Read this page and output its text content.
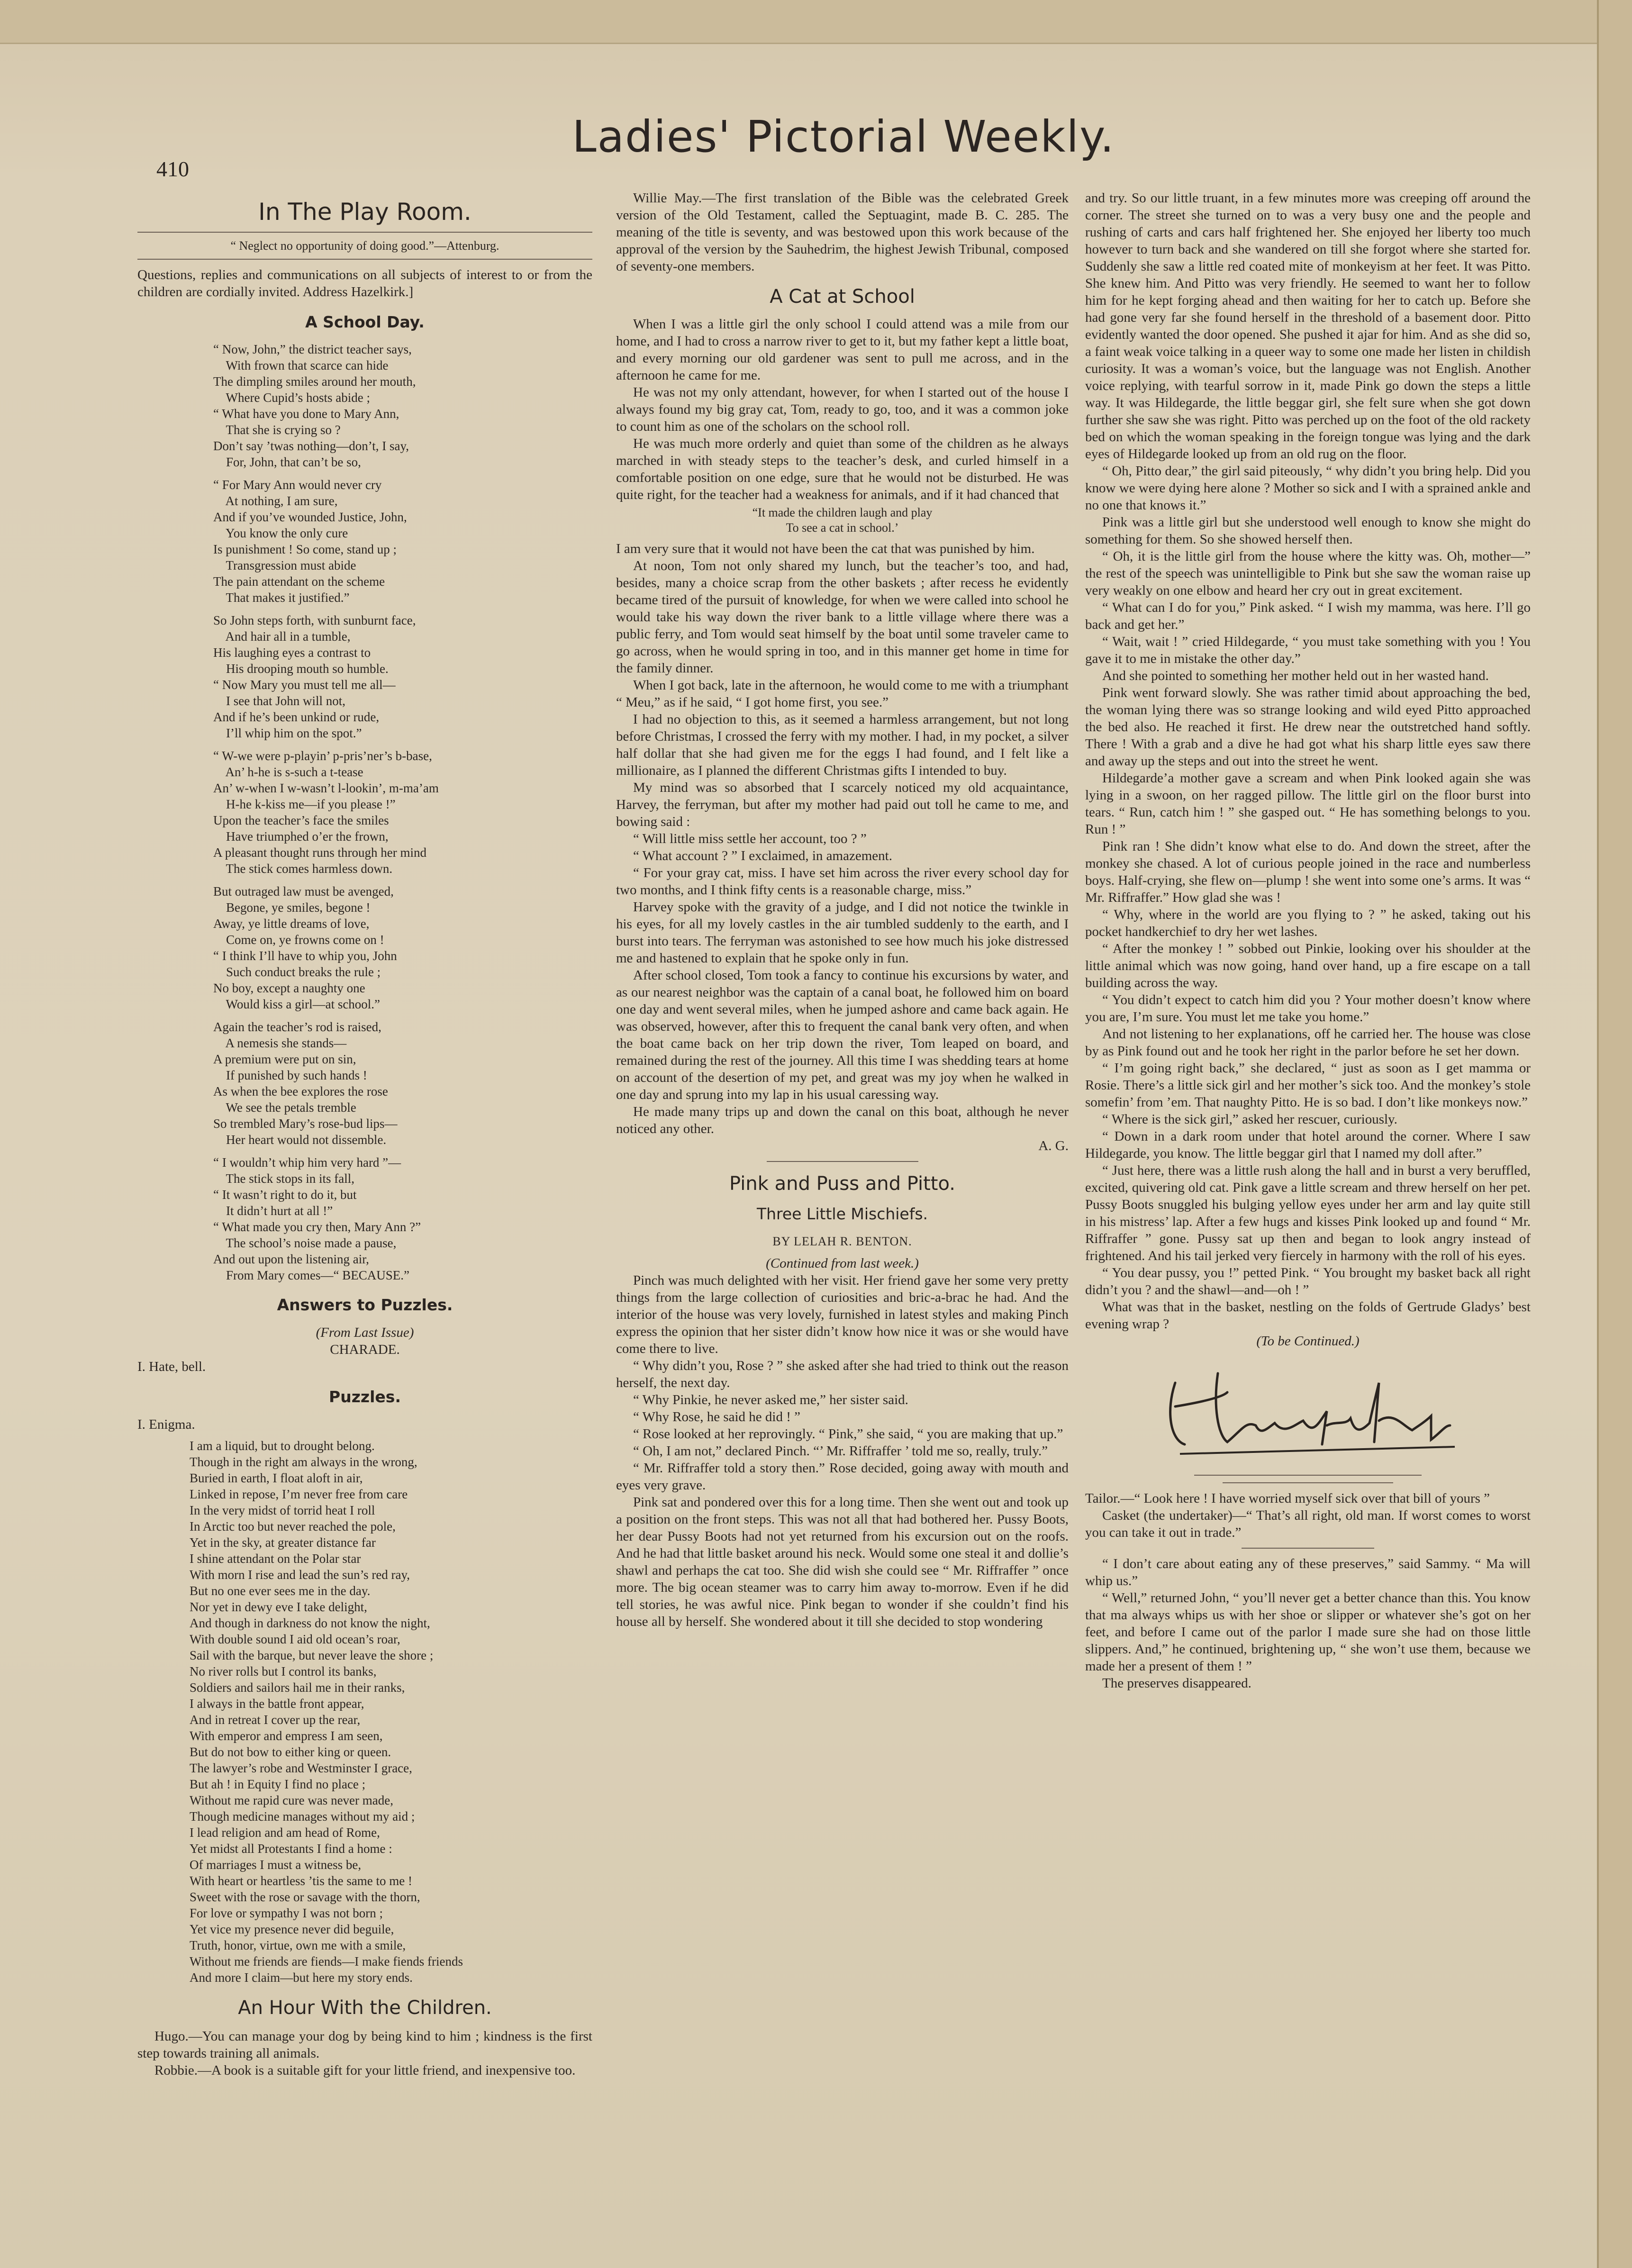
410
Ladies' Pictorial Weekly.
In The Play Room.
“ Neglect no opportunity of doing good.”—Attenburg.

Questions, replies and communications on all subjects of interest to or from the children are cordially invited. Address Hazelkirk.]

A School Day.
“ Now, John,” the district teacher says,
With frown that scarce can hide
The dimpling smiles around her mouth,
Where Cupid’s hosts abide ;
“ What have you done to Mary Ann,
That she is crying so ?
Don’t say ’twas nothing—don’t, I say,
For, John, that can’t be so,
“ For Mary Ann would never cry
At nothing, I am sure,
And if you’ve wounded Justice, John,
You know the only cure
Is punishment ! So come, stand up ;
Transgression must abide
The pain attendant on the scheme
That makes it justified.”
So John steps forth, with sunburnt face,
And hair all in a tumble,
His laughing eyes a contrast to
His drooping mouth so humble.
“ Now Mary you must tell me all—
I see that John will not,
And if he’s been unkind or rude,
I’ll whip him on the spot.”
“ W-we were p-playin’ p-pris’ner’s b-base,
An’ h-he is s-such a t-tease
An’ w-when I w-wasn’t l-lookin’, m-ma’am
H-he k-kiss me—if you please !”
Upon the teacher’s face the smiles
Have triumphed o’er the frown,
A pleasant thought runs through her mind
The stick comes harmless down.
But outraged law must be avenged,
Begone, ye smiles, begone !
Away, ye little dreams of love,
Come on, ye frowns come on !
“ I think I’ll have to whip you, John
Such conduct breaks the rule ;
No boy, except a naughty one
Would kiss a girl—at school.”
Again the teacher’s rod is raised,
A nemesis she stands—
A premium were put on sin,
If punished by such hands !
As when the bee explores the rose
We see the petals tremble
So trembled Mary’s rose-bud lips—
Her heart would not dissemble.
“ I wouldn’t whip him very hard ”—
The stick stops in its fall,
“ It wasn’t right to do it, but
It didn’t hurt at all !”
“ What made you cry then, Mary Ann ?”
The school’s noise made a pause,
And out upon the listening air,
From Mary comes—“ BECAUSE.”
Answers to Puzzles.
(From Last Issue)
CHARADE.

I. Hate, bell.

Puzzles.

I. Enigma.

I am a liquid, but to drought belong.
Though in the right am always in the wrong,
Buried in earth, I float aloft in air,
Linked in repose, I’m never free from care
In the very midst of torrid heat I roll
In Arctic too but never reached the pole,
Yet in the sky, at greater distance far
I shine attendant on the Polar star
With morn I rise and lead the sun’s red ray,
But no one ever sees me in the day.
Nor yet in dewy eve I take delight,
And though in darkness do not know the night,
With double sound I aid old ocean’s roar,
Sail with the barque, but never leave the shore ;
No river rolls but I control its banks,
Soldiers and sailors hail me in their ranks,
I always in the battle front appear,
And in retreat I cover up the rear,
With emperor and empress I am seen,
But do not bow to either king or queen.
The lawyer’s robe and Westminster I grace,
But ah ! in Equity I find no place ;
Without me rapid cure was never made,
Though medicine manages without my aid ;
I lead religion and am head of Rome,
Yet midst all Protestants I find a home :
Of marriages I must a witness be,
With heart or heartless ’tis the same to me !
Sweet with the rose or savage with the thorn,
For love or sympathy I was not born ;
Yet vice my presence never did beguile,
Truth, honor, virtue, own me with a smile,
Without me friends are fiends—I make fiends friends
And more I claim—but here my story ends.
An Hour With the Children.

Hugo.—You can manage your dog by being kind to him ; kindness is the first step towards training all animals.

Robbie.—A book is a suitable gift for your little friend, and inexpensive too.

Willie May.—The first translation of the Bible was the celebrated Greek version of the Old Testament, called the Septuagint, made B. C. 285. The meaning of the title is seventy, and was bestowed upon this work because of the approval of the version by the Sauhedrim, the highest Jewish Tribunal, composed of seventy-one members.

A Cat at School

When I was a little girl the only school I could attend was a mile from our home, and I had to cross a narrow river to get to it, but my father kept a little boat, and every morning our old gardener was sent to pull me across, and in the afternoon he came for me.

He was not my only attendant, however, for when I started out of the house I always found my big gray cat, Tom, ready to go, too, and it was a common joke to count him as one of the scholars on the school roll.

He was much more orderly and quiet than some of the children as he always marched in with steady steps to the teacher’s desk, and curled himself in a comfortable position on one edge, sure that he would not be disturbed. He was quite right, for the teacher had a weakness for animals, and if it had chanced that

“It made the children laugh and play
To see a cat in school.’

I am very sure that it would not have been the cat that was punished by him.

At noon, Tom not only shared my lunch, but the teacher’s too, and had, besides, many a choice scrap from the other baskets ; after recess he evidently became tired of the pursuit of knowledge, for when we were called into school he would take his way down the river bank to a little village where there was a public ferry, and Tom would seat himself by the boat until some traveler came to go across, when he would spring in too, and in this manner get home in time for the family dinner.

When I got back, late in the afternoon, he would come to me with a triumphant “ Meu,” as if he said, “ I got home first, you see.”

I had no objection to this, as it seemed a harmless arrangement, but not long before Christmas, I crossed the ferry with my mother. I had, in my pocket, a silver half dollar that she had given me for the eggs I had found, and I felt like a millionaire, as I planned the different Christmas gifts I intended to buy.

My mind was so absorbed that I scarcely noticed my old acquaintance, Harvey, the ferryman, but after my mother had paid out toll he came to me, and bowing said :

“ Will little miss settle her account, too ? ”

“ What account ? ” I exclaimed, in amazement.

“ For your gray cat, miss. I have set him across the river every school day for two months, and I think fifty cents is a reasonable charge, miss.”

Harvey spoke with the gravity of a judge, and I did not notice the twinkle in his eyes, for all my lovely castles in the air tumbled suddenly to the earth, and I burst into tears. The ferryman was astonished to see how much his joke distressed me and hastened to explain that he spoke only in fun.

After school closed, Tom took a fancy to continue his excursions by water, and as our nearest neighbor was the captain of a canal boat, he followed him on board one day and went several miles, when he jumped ashore and came back again. He was observed, however, after this to frequent the canal bank very often, and when the boat came back on her trip down the river, Tom leaped on board, and remained during the rest of the journey. All this time I was shedding tears at home on account of the desertion of my pet, and great was my joy when he walked in one day and sprung into my lap in his usual caressing way.

He made many trips up and down the canal on this boat, although he never noticed any other.

A. G.
Pink and Puss and Pitto.
Three Little Mischiefs.
BY LELAH R. BENTON.
(Continued from last week.)

Pinch was much delighted with her visit. Her friend gave her some very pretty things from the large collection of curiosities and bric-a-brac he had. And the interior of the house was very lovely, furnished in latest styles and making Pinch express the opinion that her sister didn’t know how nice it was or she would have come there to live.

“ Why didn’t you, Rose ? ” she asked after she had tried to think out the reason herself, the next day.

“ Why Pinkie, he never asked me,” her sister said.

“ Why Rose, he said he did ! ”

“ Rose looked at her reprovingly. “ Pink,” she said, “ you are making that up.”

“ Oh, I am not,” declared Pinch. “’ Mr. Riffraffer ’ told me so, really, truly.”

“ Mr. Riffraffer told a story then.” Rose decided, going away with mouth and eyes very grave.

Pink sat and pondered over this for a long time. Then she went out and took up a position on the front steps. This was not all that had bothered her. Pussy Boots, her dear Pussy Boots had not yet returned from his excursion out on the roofs. And he had that little basket around his neck. Would some one steal it and dollie’s shawl and perhaps the cat too. She did wish she could see “ Mr. Riffraffer ” once more. The big ocean steamer was to carry him away to-morrow. Even if he did tell stories, he was awful nice. Pink began to wonder if she couldn’t find his house all by herself. She wondered about it till she decided to stop wondering

and try. So our little truant, in a few minutes more was creeping off around the corner. The street she turned on to was a very busy one and the people and rushing of carts and cars half frightened her. She enjoyed her liberty too much however to turn back and she wandered on till she forgot where she started for. Suddenly she saw a little red coated mite of monkeyism at her feet. It was Pitto. She knew him. And Pitto was very friendly. He seemed to want her to follow him for he kept forging ahead and then waiting for her to catch up. Before she had gone very far she found herself in the threshold of a basement door. Pitto evidently wanted the door opened. She pushed it ajar for him. And as she did so, a faint weak voice talking in a queer way to some one made her listen in childish curiosity. It was a woman’s voice, but the language was not English. Another voice replying, with tearful sorrow in it, made Pink go down the steps a little way. It was Hildegarde, the little beggar girl, she felt sure when she got down further she saw she was right. Pitto was perched up on the foot of the old rackety bed on which the woman speaking in the foreign tongue was lying and the dark eyes of Hildegarde looked up from an old rug on the floor.

“ Oh, Pitto dear,” the girl said piteously, “ why didn’t you bring help. Did you know we were dying here alone ? Mother so sick and I with a sprained ankle and no one that knows it.”

Pink was a little girl but she understood well enough to know she might do something for them. So she showed herself then.

“ Oh, it is the little girl from the house where the kitty was. Oh, mother—” the rest of the speech was unintelligible to Pink but she saw the woman raise up very weakly on one elbow and heard her cry out in great excitement.

“ What can I do for you,” Pink asked. “ I wish my mamma, was here. I’ll go back and get her.”

“ Wait, wait ! ” cried Hildegarde, “ you must take something with you ! You gave it to me in mistake the other day.”

And she pointed to something her mother held out in her wasted hand.

Pink went forward slowly. She was rather timid about approaching the bed, the woman lying there was so strange looking and wild eyed Pitto approached the bed also. He reached it first. He drew near the outstretched hand softly. There ! With a grab and a dive he had got what his sharp little eyes saw there and away up the steps and out into the street he went.

Hildegarde’a mother gave a scream and when Pink looked again she was lying in a swoon, on her ragged pillow. The little girl on the floor burst into tears. “ Run, catch him ! ” she gasped out. “ He has something belongs to you. Run ! ”

Pink ran ! She didn’t know what else to do. And down the street, after the monkey she chased. A lot of curious people joined in the race and numberless boys. Half-crying, she flew on—plump ! she went into some one’s arms. It was “ Mr. Riffraffer.” How glad she was !

“ Why, where in the world are you flying to ? ” he asked, taking out his pocket handkerchief to dry her wet lashes.

“ After the monkey ! ” sobbed out Pinkie, looking over his shoulder at the little animal which was now going, hand over hand, up a fire escape on a tall building across the way.

“ You didn’t expect to catch him did you ? Your mother doesn’t know where you are, I’m sure. You must let me take you home.”

And not listening to her explanations, off he carried her. The house was close by as Pink found out and he took her right in the parlor before he set her down.

“ I’m going right back,” she declared, “ just as soon as I get mamma or Rosie. There’s a little sick girl and her mother’s sick too. And the monkey’s stole somefin’ from ’em. That naughty Pitto. He is so bad. I don’t like monkeys now.”

“ Where is the sick girl,” asked her rescuer, curiously.

“ Down in a dark room under that hotel around the corner. Where I saw Hildegarde, you know. The little beggar girl that I named my doll after.”

“ Just here, there was a little rush along the hall and in burst a very beruffled, excited, quivering old cat. Pink gave a little scream and threw herself on her pet. Pussy Boots snuggled his bulging yellow eyes under her arm and lay quite still in his mistress’ lap. After a few hugs and kisses Pink looked up and found “ Mr. Riffraffer ” gone. Pussy sat up then and began to look angry instead of frightened. And his tail jerked very fiercely in harmony with the roll of his eyes.

“ You dear pussy, you !” petted Pink. “ You brought my basket back all right didn’t you ? and the shawl—and—oh ! ”

What was that in the basket, nestling on the folds of Gertrude Gladys’ best evening wrap ?

(To be Continued.)

Tailor.—“ Look here ! I have worried myself sick over that bill of yours ”

Casket (the undertaker)—“ That’s all right, old man. If worst comes to worst you can take it out in trade.”

“ I don’t care about eating any of these preserves,” said Sammy. “ Ma will whip us.”

“ Well,” returned John, “ you’ll never get a better chance than this. You know that ma always whips us with her shoe or slipper or whatever she’s got on her feet, and before I came out of the parlor I made sure she had on those little slippers. And,” he continued, brightening up, “ she won’t use them, because we made her a present of them ! ”

The preserves disappeared.
